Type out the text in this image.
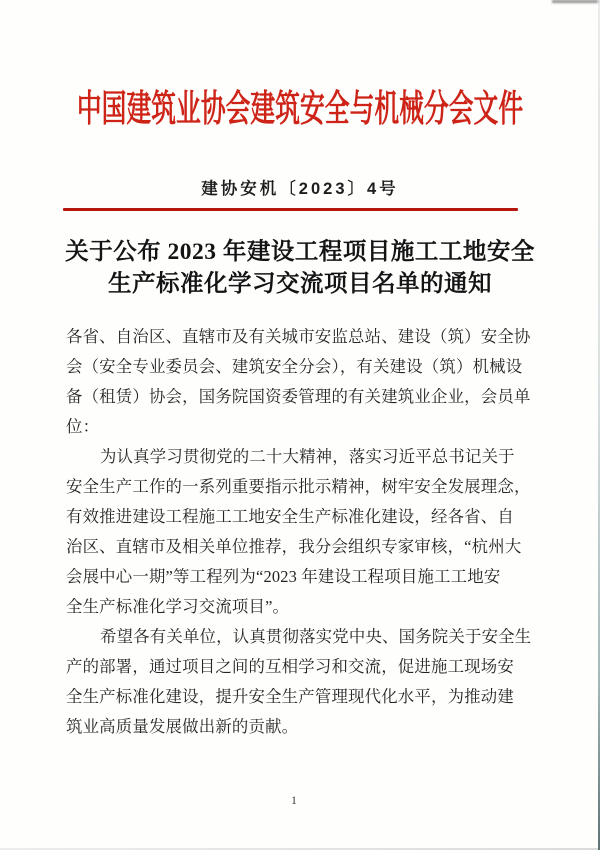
中国建筑业协会建筑安全与机械分会文件
建协安机〔2023〕4号
关于公布 2023 年建设工程项目施工工地安全
生产标准化学习交流项目名单的通知
各省、自治区、直辖市及有关城市安监总站、建设（筑）安全协
会（安全专业委员会、建筑安全分会），有关建设（筑）机械设
备（租赁）协会，国务院国资委管理的有关建筑业企业，会员单
位：
为认真学习贯彻党的二十大精神，落实习近平总书记关于
安全生产工作的一系列重要指示批示精神，树牢安全发展理念，
有效推进建设工程施工工地安全生产标准化建设，经各省、自
治区、直辖市及相关单位推荐，我分会组织专家审核，“杭州大
会展中心一期”等工程列为“2023 年建设工程项目施工工地安
全生产标准化学习交流项目”。
希望各有关单位，认真贯彻落实党中央、国务院关于安全生
产的部署，通过项目之间的互相学习和交流，促进施工现场安
全生产标准化建设，提升安全生产管理现代化水平，为推动建
筑业高质量发展做出新的贡献。
1
